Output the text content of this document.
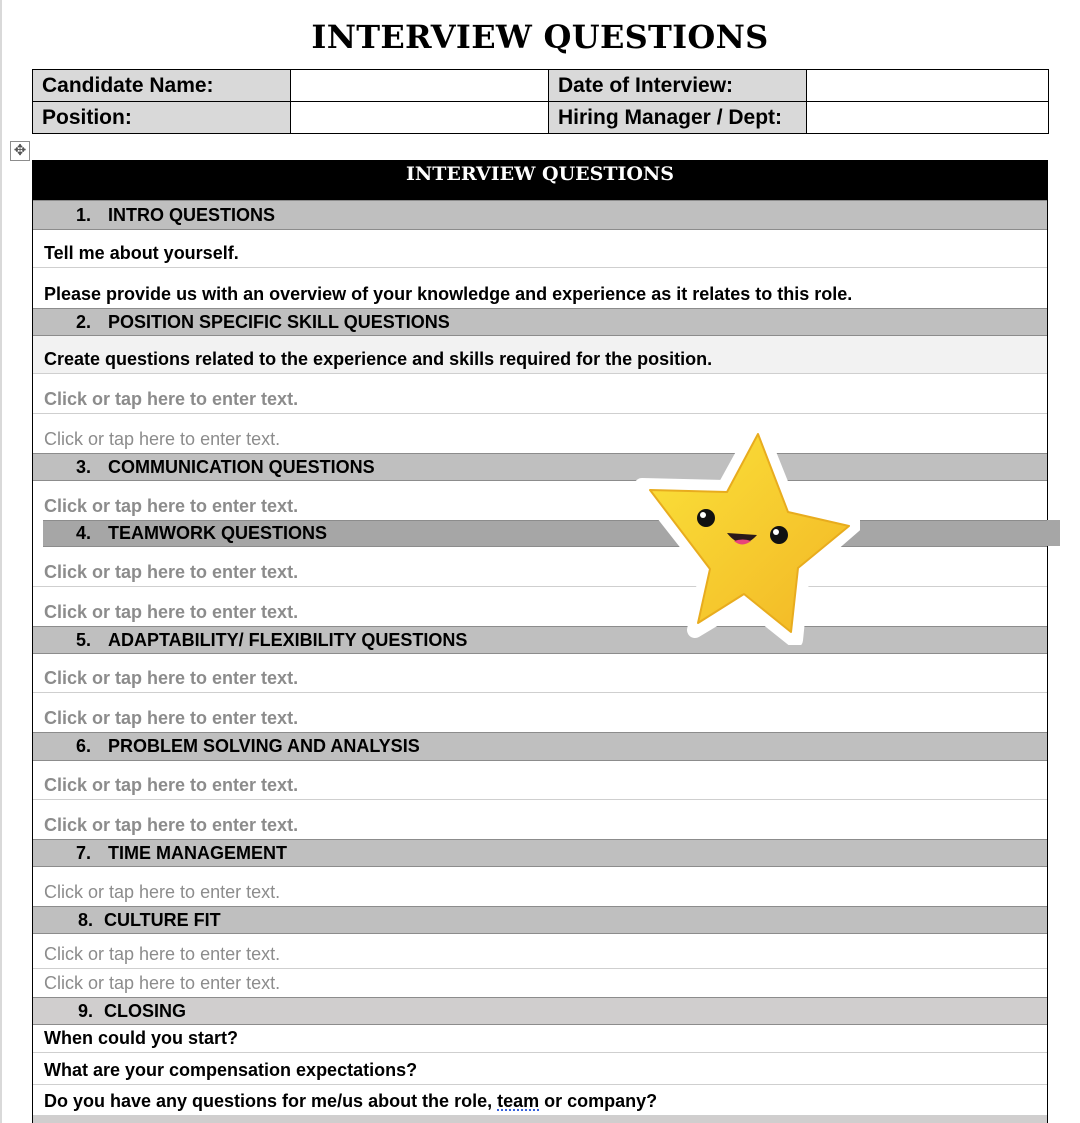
INTERVIEW QUESTIONS
Candidate Name:		Date of Interview:	
Position:		Hiring Manager / Dept:	
✥
INTERVIEW QUESTIONS
1. INTRO QUESTIONS
Tell me about yourself.
Please provide us with an overview of your knowledge and experience as it relates to this role.
2. POSITION SPECIFIC SKILL QUESTIONS
Create questions related to the experience and skills required for the position.
Click or tap here to enter text.
Click or tap here to enter text.
3. COMMUNICATION QUESTIONS
Click or tap here to enter text.
4. TEAMWORK QUESTIONS
Click or tap here to enter text.
Click or tap here to enter text.
5. ADAPTABILITY/ FLEXIBILITY QUESTIONS
Click or tap here to enter text.
Click or tap here to enter text.
6. PROBLEM SOLVING AND ANALYSIS
Click or tap here to enter text.
Click or tap here to enter text.
7. TIME MANAGEMENT
Click or tap here to enter text.
8. CULTURE FIT
Click or tap here to enter text.
Click or tap here to enter text.
9. CLOSING
When could you start?
What are your compensation expectations?
Do you have any questions for me/us about the role, team or company?
